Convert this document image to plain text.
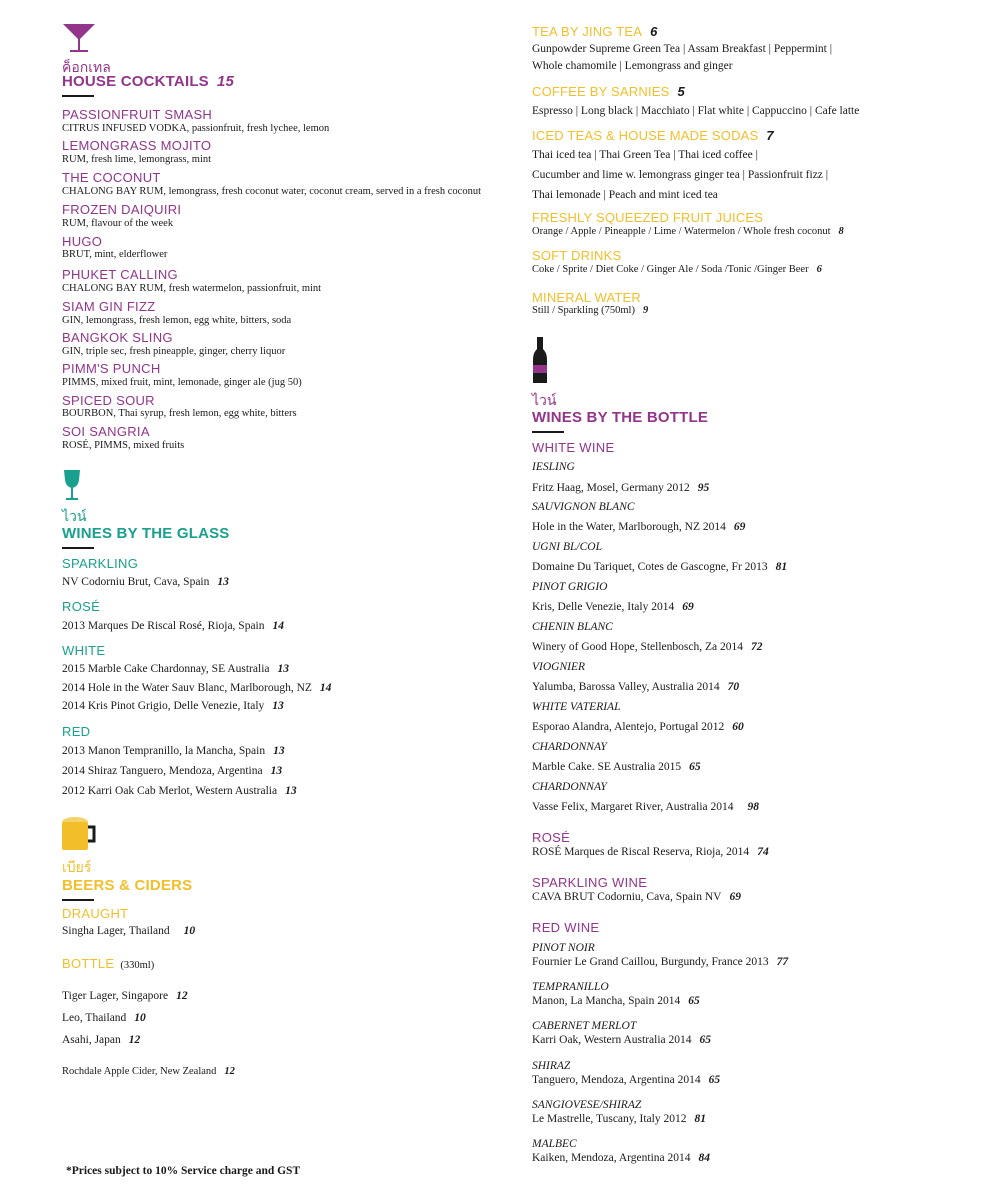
ค็อกเทล
HOUSE COCKTAILS 15
PASSIONFRUIT SMASH
CITRUS INFUSED VODKA, passionfruit, fresh lychee, lemon
LEMONGRASS MOJITO
RUM, fresh lime, lemongrass, mint
THE COCONUT
CHALONG BAY RUM, lemongrass, fresh coconut water, coconut cream, served in a fresh coconut
FROZEN DAIQUIRI
RUM, flavour of the week
HUGO
BRUT, mint, elderflower
PHUKET CALLING
CHALONG BAY RUM, fresh watermelon, passionfruit, mint
SIAM GIN FIZZ
GIN, lemongrass, fresh lemon, egg white, bitters, soda
BANGKOK SLING
GIN, triple sec, fresh pineapple, ginger, cherry liquor
PIMM'S PUNCH
PIMMS, mixed fruit, mint, lemonade, ginger ale (jug 50)
SPICED SOUR
BOURBON, Thai syrup, fresh lemon, egg white, bitters
SOI SANGRIA
ROSÉ, PIMMS, mixed fruits
ไวน์
WINES BY THE GLASS
SPARKLING
NV Codorniu Brut, Cava, Spain 13
ROSÉ
2013 Marques De Riscal Rosé, Rioja, Spain 14
WHITE
2015 Marble Cake Chardonnay, SE Australia 13
2014 Hole in the Water Sauv Blanc, Marlborough, NZ 14
2014 Kris Pinot Grigio, Delle Venezie, Italy 13
RED
2013 Manon Tempranillo, la Mancha, Spain 13
2014 Shiraz Tanguero, Mendoza, Argentina 13
2012 Karri Oak Cab Merlot, Western Australia 13
เบียร์
BEERS & CIDERS
DRAUGHT
Singha Lager, Thailand 10
BOTTLE (330ml)
Tiger Lager, Singapore 12
Leo, Thailand 10
Asahi, Japan 12
Rochdale Apple Cider, New Zealand 12
*Prices subject to 10% Service charge and GST
TEA BY JING TEA 6
Gunpowder Supreme Green Tea | Assam Breakfast | Peppermint |
Whole chamomile | Lemongrass and ginger
COFFEE BY SARNIES 5
Espresso | Long black | Macchiato | Flat white | Cappuccino | Cafe latte
ICED TEAS & HOUSE MADE SODAS 7
Thai iced tea | Thai Green Tea | Thai iced coffee |
Cucumber and lime w. lemongrass ginger tea | Passionfruit fizz |
Thai lemonade | Peach and mint iced tea
FRESHLY SQUEEZED FRUIT JUICES
Orange / Apple / Pineapple / Lime / Watermelon / Whole fresh coconut 8
SOFT DRINKS
Coke / Sprite / Diet Coke / Ginger Ale / Soda /Tonic /Ginger Beer 6
MINERAL WATER
Still / Sparkling (750ml) 9
ไวน์
WINES BY THE BOTTLE
WHITE WINE
IESLING
Fritz Haag, Mosel, Germany 2012 95
SAUVIGNON BLANC
Hole in the Water, Marlborough, NZ 2014 69
UGNI BL/COL
Domaine Du Tariquet, Cotes de Gascogne, Fr 2013 81
PINOT GRIGIO
Kris, Delle Venezie, Italy 2014 69
CHENIN BLANC
Winery of Good Hope, Stellenbosch, Za 2014 72
VIOGNIER
Yalumba, Barossa Valley, Australia 2014 70
WHITE VATERIAL
Esporao Alandra, Alentejo, Portugal 2012 60
CHARDONNAY
Marble Cake. SE Australia 2015 65
CHARDONNAY
Vasse Felix, Margaret River, Australia 2014 98
ROSÉ
ROSÉ Marques de Riscal Reserva, Rioja, 2014 74
SPARKLING WINE
CAVA BRUT Codorniu, Cava, Spain NV 69
RED WINE
PINOT NOIR
Fournier Le Grand Caillou, Burgundy, France 2013 77
TEMPRANILLO
Manon, La Mancha, Spain 2014 65
CABERNET MERLOT
Karri Oak, Western Australia 2014 65
SHIRAZ
Tanguero, Mendoza, Argentina 2014 65
SANGIOVESE/SHIRAZ
Le Mastrelle, Tuscany, Italy 2012 81
MALBEC
Kaiken, Mendoza, Argentina 2014 84
